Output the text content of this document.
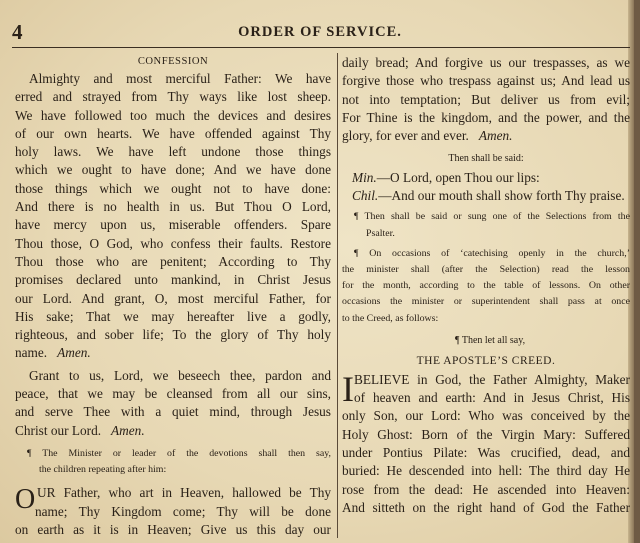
4	ORDER OF SERVICE.
CONFESSION
Almighty and most merciful Father: We have
erred and strayed from Thy ways like lost sheep.
We have followed too much the devices and desires
of our own hearts. We have offended against Thy
holy laws. We have left undone those things
which we ought to have done; And we have done
those things which we ought not to have done:
And there is no health in us. But Thou O Lord,
have mercy upon us, miserable offenders. Spare
Thou those, O God, who confess their faults. Restore
Thou those who are penitent; According to Thy
promises declared unto mankind, in Christ Jesus
our Lord. And grant, O, most merciful Father, for
His sake; That we may hereafter live a godly,
righteous, and sober life; To the glory of Thy holy
name. Amen.
Grant to us, Lord, we beseech thee, pardon and
peace, that we may be cleansed from all our sins,
and serve Thee with a quiet mind, through Jesus
Christ our Lord. Amen.
¶ The Minister or leader of the devotions shall then say,
the children repeating after him:
O UR Father, who art in Heaven, hallowed be Thy
name; Thy Kingdom come; Thy will be done
on earth as it is in Heaven; Give us this day our
daily bread; And forgive us our trespasses, as we
forgive those who trespass against us; And lead us
not into temptation; But deliver us from evil;
For Thine is the kingdom, and the power, and the
glory, for ever and ever. Amen.
Then shall be said:
Min.—O Lord, open Thou our lips:
Chil.—And our mouth shall show forth Thy praise.
¶ Then shall be said or sung one of the Selections from the
Psalter.
¶ On occasions of ‘catechising openly in the church,’
the minister shall (after the Selection) read the lesson
for the month, according to the table of lessons. On other
occasions the minister or superintendent shall pass at once
to the Creed, as follows:
¶ Then let all say,
THE APOSTLE’S CREED.
I BELIEVE in God, the Father Almighty, Maker
of heaven and earth: And in Jesus Christ, His
only Son, our Lord: Who was conceived by the
Holy Ghost: Born of the Virgin Mary: Suffered
under Pontius Pilate: Was crucified, dead, and
buried: He descended into hell: The third day He
rose from the dead: He ascended into Heaven:
And sitteth on the right hand of God the Father
